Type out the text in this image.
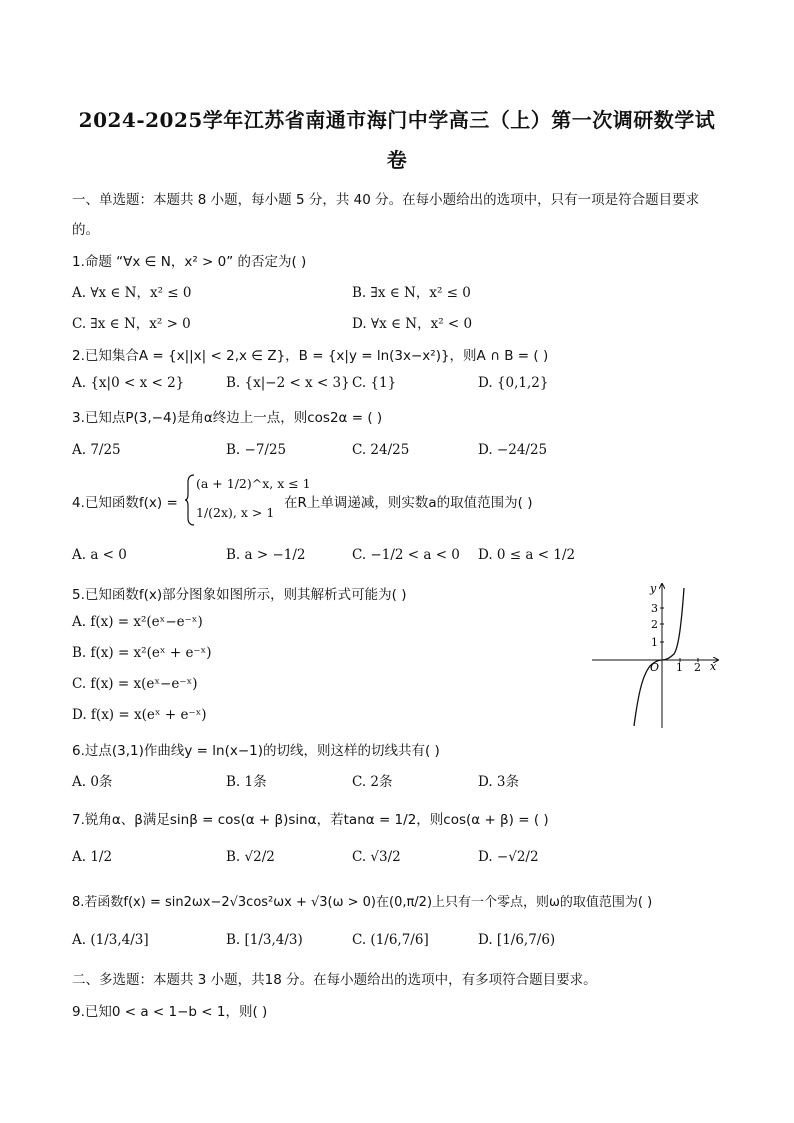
2024-2025学年江苏省南通市海门中学高三（上）第一次调研数学试
卷
一、单选题：本题共 8 小题，每小题 5 分，共 40 分。在每小题给出的选项中，只有一项是符合题目要求
的。
1.命题 “∀x ∈ N，x² > 0” 的否定为( )
A. ∀x ∈ N，x² ≤ 0	B. ∃x ∈ N，x² ≤ 0
C. ∃x ∈ N，x² > 0	D. ∀x ∈ N，x² < 0
2.已知集合A = {x||x| < 2,x ∈ Z}，B = {x|y = ln(3x−x²)}，则A ∩ B = ( )
A. {x|0 < x < 2}	B. {x|−2 < x < 3} C. {1}	D. {0,1,2}
3.已知点P(3,−4)是角α终边上一点，则cos2α = ( )
A. 7/25	B. −7/25	C. 24/25	D. −24/25
4.已知函数f(x) =
(a + 1/2)^x, x ≤ 1
1/(2x), x > 1
在R上单调递减，则实数a的取值范围为( )
A. a < 0	B. a > −1/2	C. −1/2 < a < 0 D. 0 ≤ a < 1/2
5.已知函数f(x)部分图象如图所示，则其解析式可能为( )
A. f(x) = x²(eˣ−e⁻ˣ)
B. f(x) = x²(eˣ + e⁻ˣ)
C. f(x) = x(eˣ−e⁻ˣ)
D. f(x) = x(eˣ + e⁻ˣ)
y
x
O 1 2
1
2
3
6.过点(3,1)作曲线y = ln(x−1)的切线，则这样的切线共有( )
A. 0条	B. 1条	C. 2条	D. 3条
7.锐角α、β满足sinβ = cos(α + β)sinα，若tanα = 1/2，则cos(α + β) = ( )
A. 1/2	B. √2/2	C. √3/2	D. −√2/2
8.若函数f(x) = sin2ωx−2√3cos²ωx + √3(ω > 0)在(0,π/2)上只有一个零点，则ω的取值范围为( )
A. (1/3,4/3]	B. [1/3,4/3)	C. (1/6,7/6]	D. [1/6,7/6)
二、多选题：本题共 3 小题，共18 分。在每小题给出的选项中，有多项符合题目要求。
9.已知0 < a < 1−b < 1，则( )
